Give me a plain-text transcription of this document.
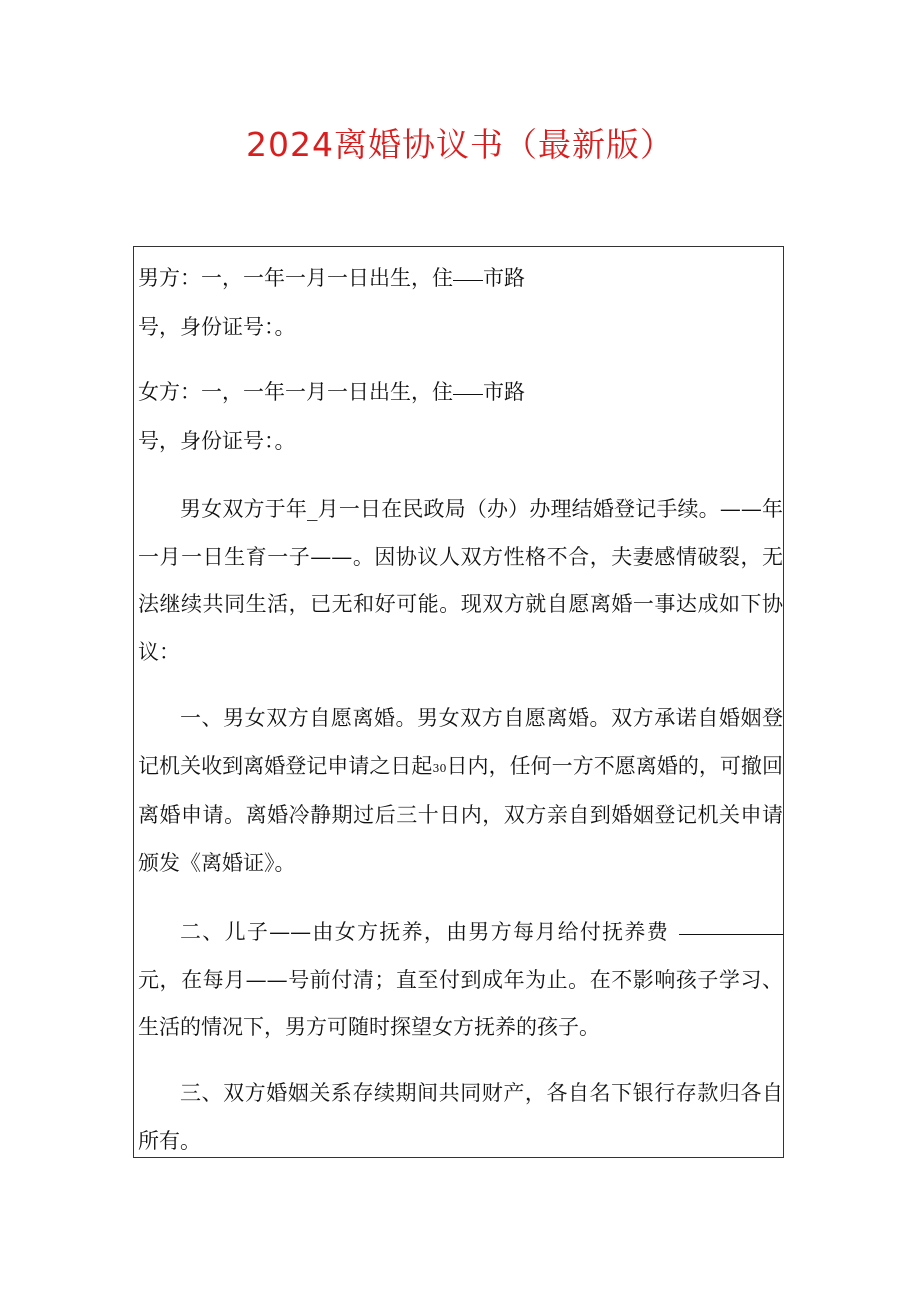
2024离婚协议书（最新版）
男方：一，一年一月一日出生，住 市路
号，身份证号：。
女方：一，一年一月一日出生，住 市路
号，身份证号：。

男女双方于年_月一日在民政局（办）办理结婚登记手续。——年一月一日生育一子——。因协议人双方性格不合，夫妻感情破裂，无法继续共同生活，已无和好可能。现双方就自愿离婚一事达成如下协议：

一、男女双方自愿离婚。男女双方自愿离婚。双方承诺自婚姻登记机关收到离婚登记申请之日起30日内，任何一方不愿离婚的，可撤回离婚申请。离婚冷静期过后三十日内，双方亲自到婚姻登记机关申请颁发《离婚证》。

二、儿子——由女方抚养，由男方每月给付抚养费元，在每月——号前付清；直至付到成年为止。在不影响孩子学习、生活的情况下，男方可随时探望女方抚养的孩子。

三、双方婚姻关系存续期间共同财产，各自名下银行存款归各自所有。
